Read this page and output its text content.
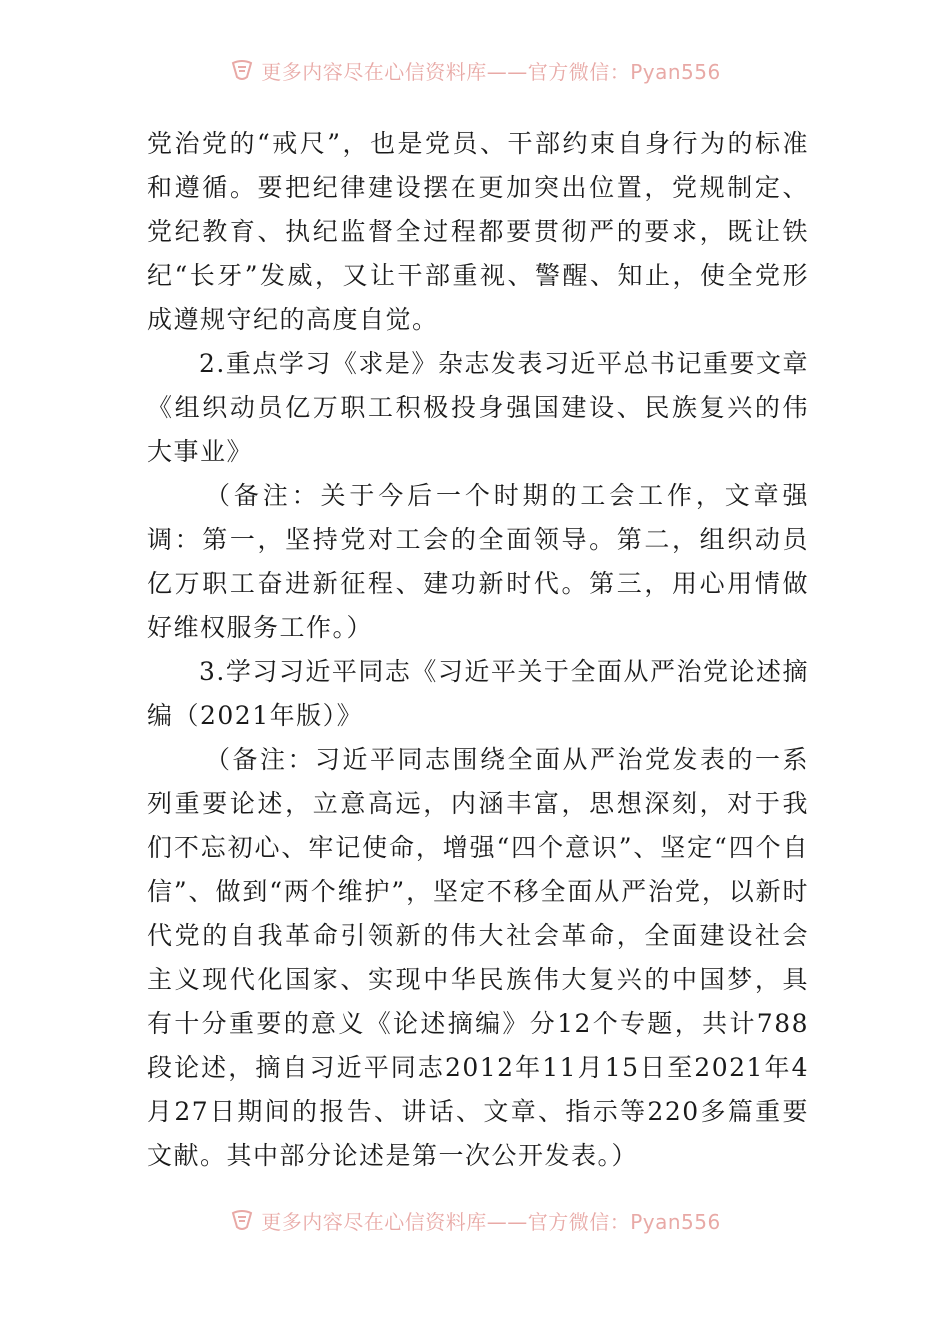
更多内容尽在心信资料库——官方微信：Pyan556

党治党的“戒尺”，也是党员、干部约束自身行为的标准和遵循。要把纪律建设摆在更加突出位置，党规制定、党纪教育、执纪监督全过程都要贯彻严的要求，既让铁纪“长牙”发威，又让干部重视、警醒、知止，使全党形成遵规守纪的高度自觉。

2.重点学习《求是》杂志发表习近平总书记重要文章《组织动员亿万职工积极投身强国建设、民族复兴的伟大事业》

（备注：关于今后一个时期的工会工作，文章强调：第一，坚持党对工会的全面领导。第二，组织动员亿万职工奋进新征程、建功新时代。第三，用心用情做好维权服务工作。）

3.学习习近平同志《习近平关于全面从严治党论述摘编（2021年版）》

（备注：习近平同志围绕全面从严治党发表的一系列重要论述，立意高远，内涵丰富，思想深刻，对于我们不忘初心、牢记使命，增强“四个意识”、坚定“四个自信”、做到“两个维护”，坚定不移全面从严治党，以新时代党的自我革命引领新的伟大社会革命，全面建设社会主义现代化国家、实现中华民族伟大复兴的中国梦，具有十分重要的意义《论述摘编》分12个专题，共计788段论述，摘自习近平同志2012年11月15日至2021年4月27日期间的报告、讲话、文章、指示等220多篇重要文献。其中部分论述是第一次公开发表。）

更多内容尽在心信资料库——官方微信：Pyan556
